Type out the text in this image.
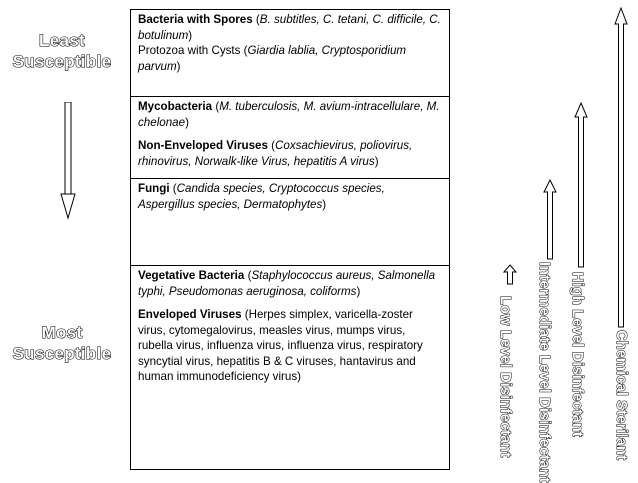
Least
Susceptible
Most
Susceptible
Bacteria with Spores (B. subtitles, C. tetani, C. difficile, C. botulinum)
Protozoa with Cysts (Giardia lablia, Cryptosporidium parvum)
Mycobacteria (M. tuberculosis, M. avium-intracellulare, M. chelonae)
Non-Enveloped Viruses (Coxsachievirus, poliovirus, rhinovirus, Norwalk-like Virus, hepatitis A virus)
Fungi (Candida species, Cryptococcus species, Aspergillus species, Dermatophytes)
Vegetative Bacteria (Staphylococcus aureus, Salmonella typhi, Pseudomonas aeruginosa, coliforms)
Enveloped Viruses (Herpes simplex, varicella-zoster virus, cytomegalovirus, measles virus, mumps virus, rubella virus, influenza virus, influenza virus, respiratory syncytial virus, hepatitis B & C viruses, hantavirus and human immunodeficiency virus)	Low Level Disinfectant Intermediate Level Disinfectant High Level Disinfectant Chemical Sterilant
